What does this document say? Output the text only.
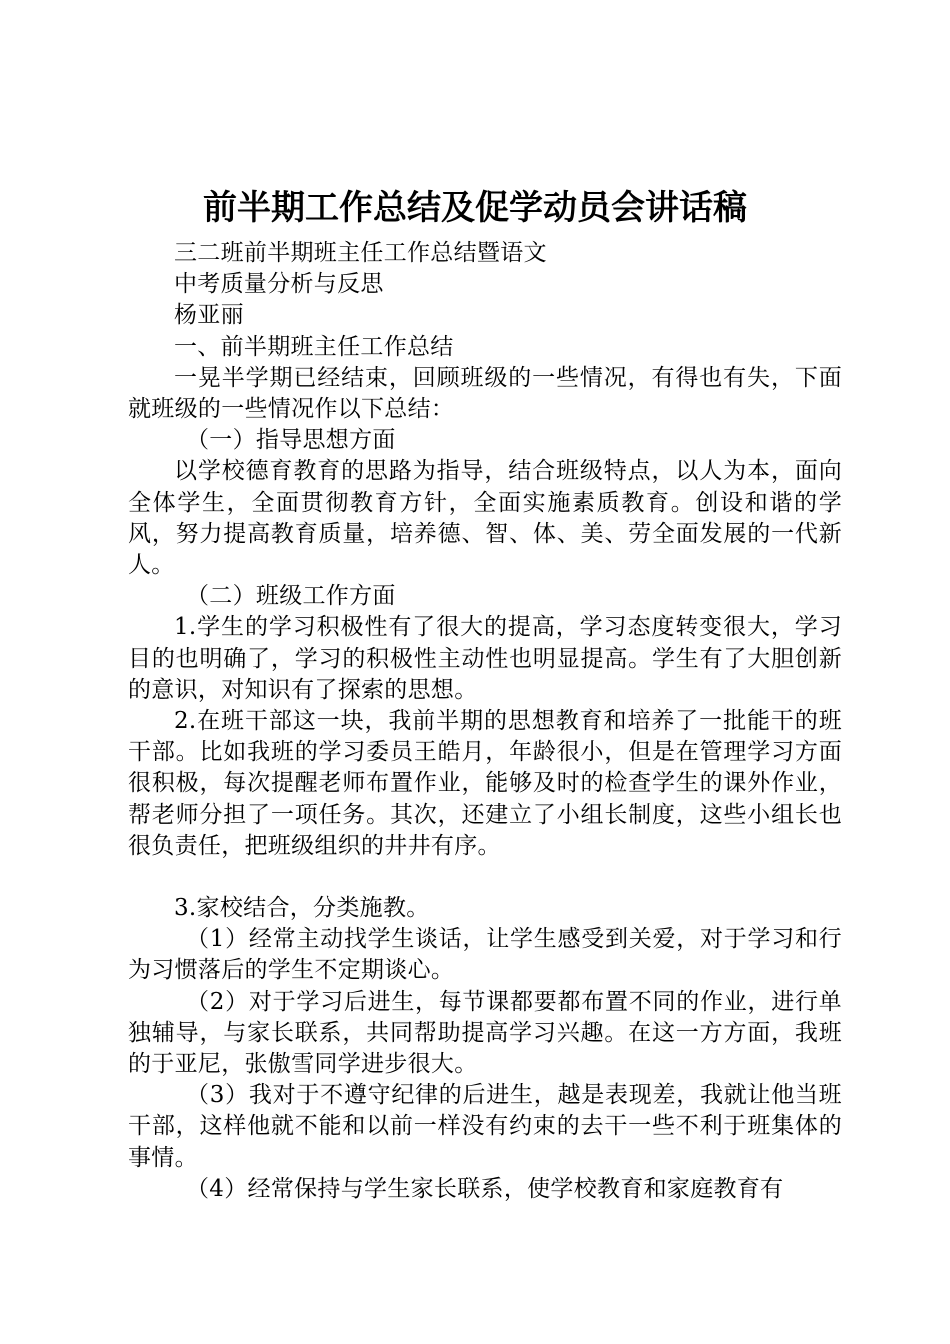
前半期工作总结及促学动员会讲话稿

三二班前半期班主任工作总结暨语文

中考质量分析与反思

杨亚丽

一、前半期班主任工作总结

一晃半学期已经结束，回顾班级的一些情况，有得也有失，下面就班级的一些情况作以下总结：

（一）指导思想方面

以学校德育教育的思路为指导，结合班级特点，以人为本，面向全体学生，全面贯彻教育方针，全面实施素质教育。创设和谐的学风，努力提高教育质量，培养德、智、体、美、劳全面发展的一代新人。

（二）班级工作方面

1.学生的学习积极性有了很大的提高，学习态度转变很大，学习目的也明确了，学习的积极性主动性也明显提高。学生有了大胆创新的意识，对知识有了探索的思想。

2.在班干部这一块，我前半期的思想教育和培养了一批能干的班干部。比如我班的学习委员王皓月，年龄很小，但是在管理学习方面很积极，每次提醒老师布置作业，能够及时的检查学生的课外作业，帮老师分担了一项任务。其次，还建立了小组长制度，这些小组长也很负责任，把班级组织的井井有序。

3.家校结合，分类施教。

（1）经常主动找学生谈话，让学生感受到关爱，对于学习和行为习惯落后的学生不定期谈心。

（2）对于学习后进生，每节课都要都布置不同的作业，进行单独辅导，与家长联系，共同帮助提高学习兴趣。在这一方方面，我班的于亚尼，张傲雪同学进步很大。

（3）我对于不遵守纪律的后进生，越是表现差，我就让他当班干部，这样他就不能和以前一样没有约束的去干一些不利于班集体的事情。

（4）经常保持与学生家长联系，使学校教育和家庭教育有
